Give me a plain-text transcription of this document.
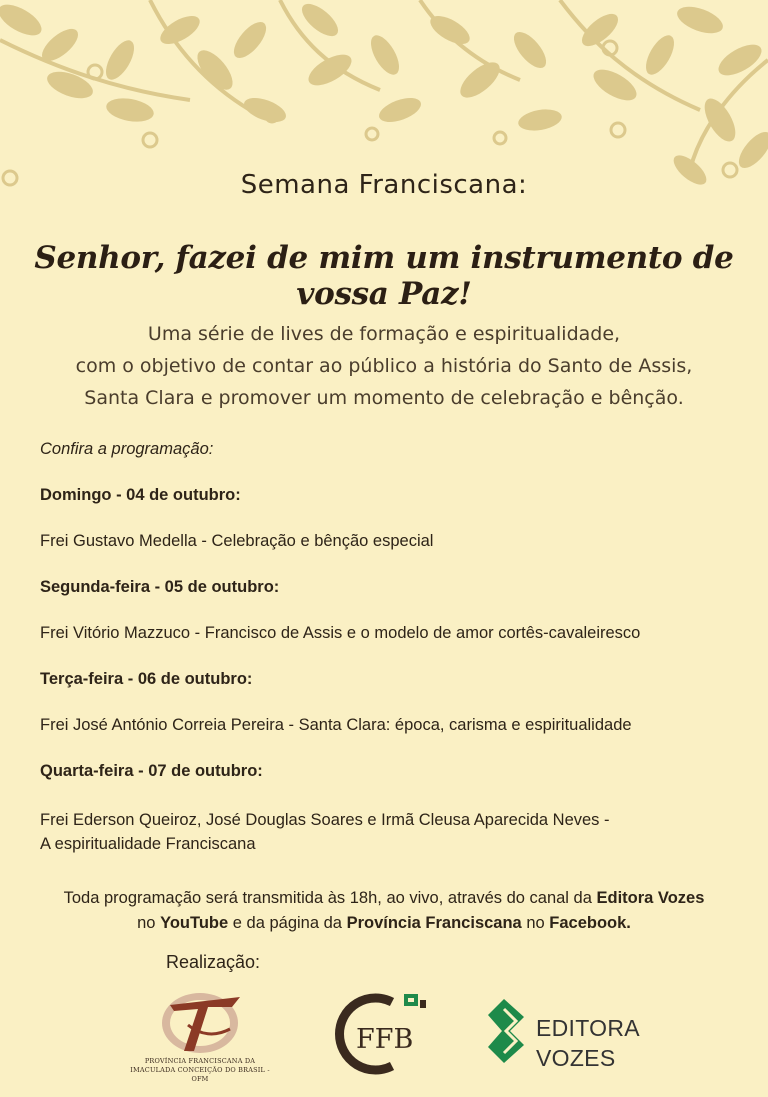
Semana Franciscana:
Senhor, fazei de mim um instrumento de vossa Paz!
Uma série de lives de formação e espiritualidade,
com o objetivo de contar ao público a história do Santo de Assis,
Santa Clara e promover um momento de celebração e bênção.
Confira a programação:
Domingo - 04 de outubro:
Frei Gustavo Medella - Celebração e bênção especial
Segunda-feira - 05 de outubro:
Frei Vitório Mazzuco - Francisco de Assis e o modelo de amor cortês-cavaleiresco
Terça-feira - 06 de outubro:
Frei José António Correia Pereira - Santa Clara: época, carisma e espiritualidade
Quarta-feira - 07 de outubro:
Frei Ederson Queiroz, José Douglas Soares e Irmã Cleusa Aparecida Neves -
A espiritualidade Franciscana
Toda programação será transmitida às 18h, ao vivo, através do canal da Editora Vozes
no YouTube e da página da Província Franciscana no Facebook.
Realização:
PROVÍNCIA FRANCISCANA DA
IMACULADA CONCEIÇÃO DO BRASIL - OFM
FFB	EDITORA
VOZES
